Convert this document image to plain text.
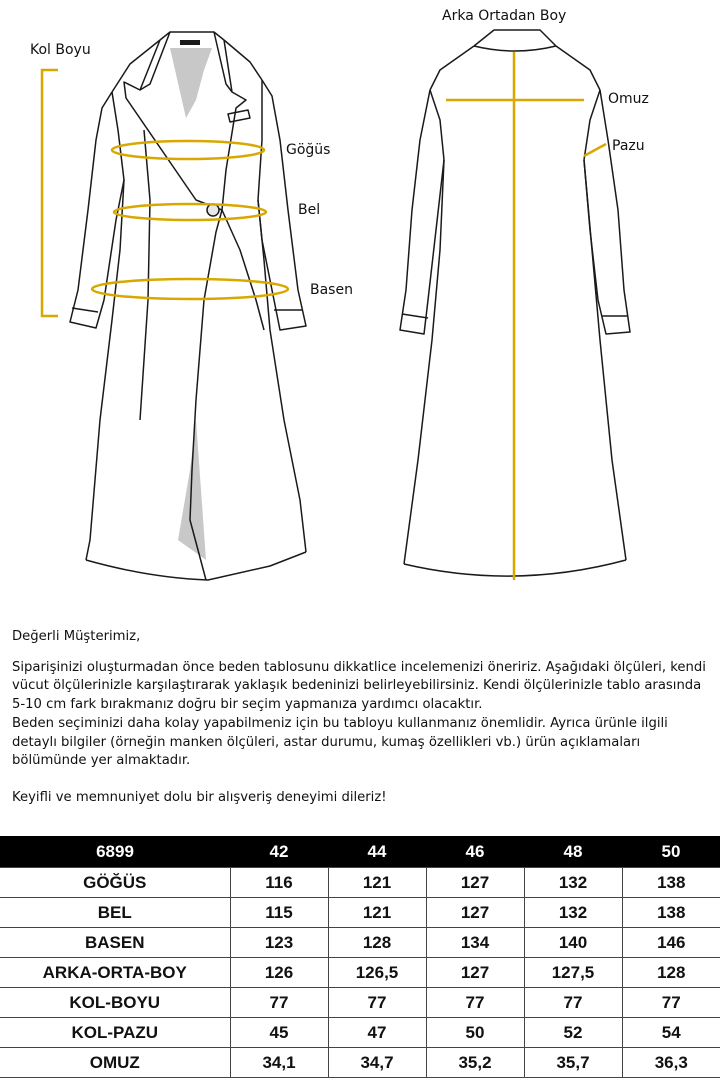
Kol Boyu
Göğüs
Bel
Basen
Arka Ortadan Boy
Omuz
Pazu

Değerli Müşterimiz,

Siparişinizi oluşturmadan önce beden tablosunu dikkatlice incelemenizi öneririz. Aşağıdaki ölçüleri, kendi vücut ölçülerinizle karşılaştırarak yaklaşık bedeninizi belirleyebilirsiniz. Kendi ölçülerinizle tablo arasında 5-10 cm fark bırakmanız doğru bir seçim yapmanıza yardımcı olacaktır.

Beden seçiminizi daha kolay yapabilmeniz için bu tabloyu kullanmanız önemlidir. Ayrıca ürünle ilgili detaylı bilgiler (örneğin manken ölçüleri, astar durumu, kumaş özellikleri vb.) ürün açıklamaları bölümünde yer almaktadır.

Keyifli ve memnuniyet dolu bir alışveriş deneyimi dileriz!

6899	42	44	46	48	50
GÖĞÜS	116	121	127	132	138
BEL	115	121	127	132	138
BASEN	123	128	134	140	146
ARKA-ORTA-BOY	126	126,5	127	127,5	128
KOL-BOYU	77	77	77	77	77
KOL-PAZU	45	47	50	52	54
OMUZ	34,1	34,7	35,2	35,7	36,3
